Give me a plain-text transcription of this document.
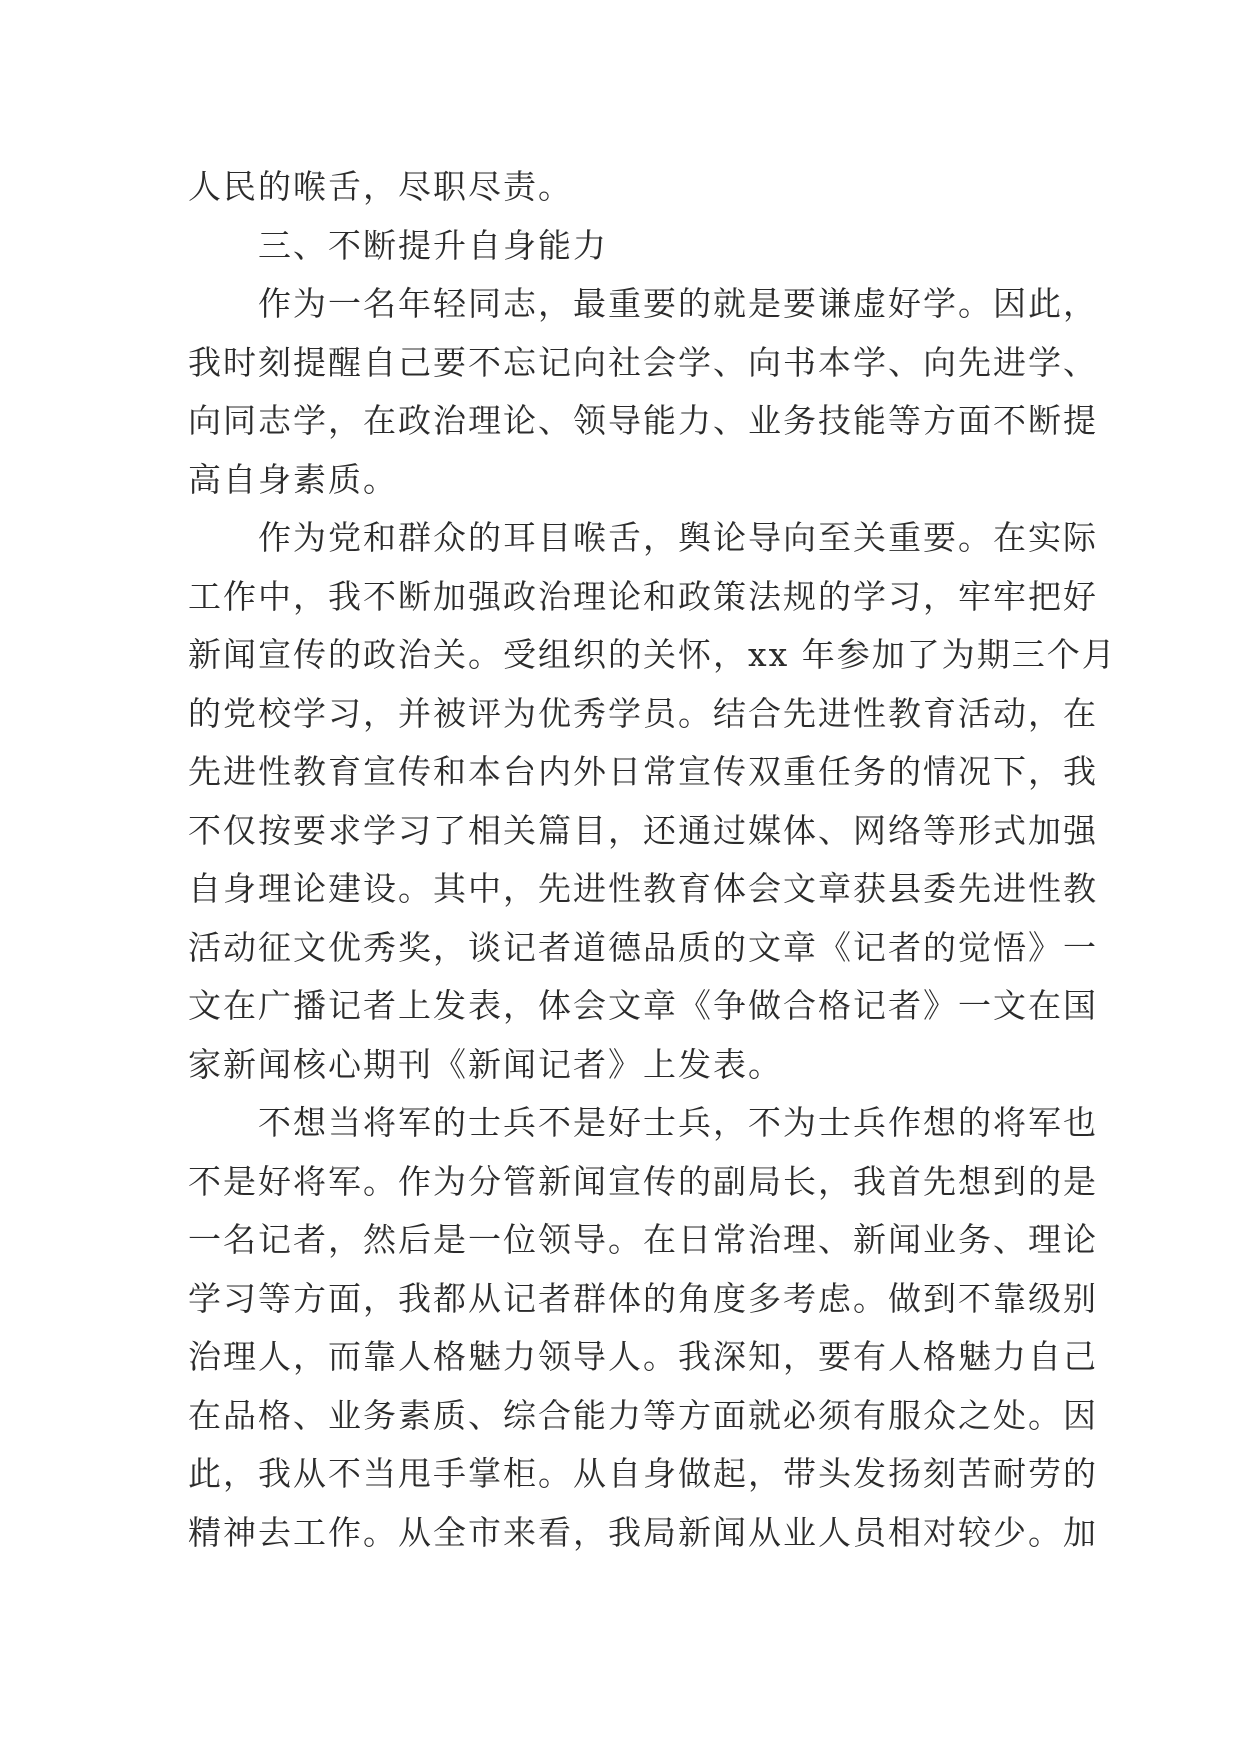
人民的喉舌，尽职尽责。
　　三、不断提升自身能力
　　作为一名年轻同志，最重要的就是要谦虚好学。因此，
我时刻提醒自己要不忘记向社会学、向书本学、向先进学、
向同志学，在政治理论、领导能力、业务技能等方面不断提
高自身素质。
　　作为党和群众的耳目喉舌，舆论导向至关重要。在实际
工作中，我不断加强政治理论和政策法规的学习，牢牢把好
新闻宣传的政治关。受组织的关怀，xx 年参加了为期三个月
的党校学习，并被评为优秀学员。结合先进性教育活动，在
先进性教育宣传和本台内外日常宣传双重任务的情况下，我
不仅按要求学习了相关篇目，还通过媒体、网络等形式加强
自身理论建设。其中，先进性教育体会文章获县委先进性教
活动征文优秀奖，谈记者道德品质的文章《记者的觉悟》一
文在广播记者上发表，体会文章《争做合格记者》一文在国
家新闻核心期刊《新闻记者》上发表。
　　不想当将军的士兵不是好士兵，不为士兵作想的将军也
不是好将军。作为分管新闻宣传的副局长，我首先想到的是
一名记者，然后是一位领导。在日常治理、新闻业务、理论
学习等方面，我都从记者群体的角度多考虑。做到不靠级别
治理人，而靠人格魅力领导人。我深知，要有人格魅力自己
在品格、业务素质、综合能力等方面就必须有服众之处。因
此，我从不当甩手掌柜。从自身做起，带头发扬刻苦耐劳的
精神去工作。从全市来看，我局新闻从业人员相对较少。加
